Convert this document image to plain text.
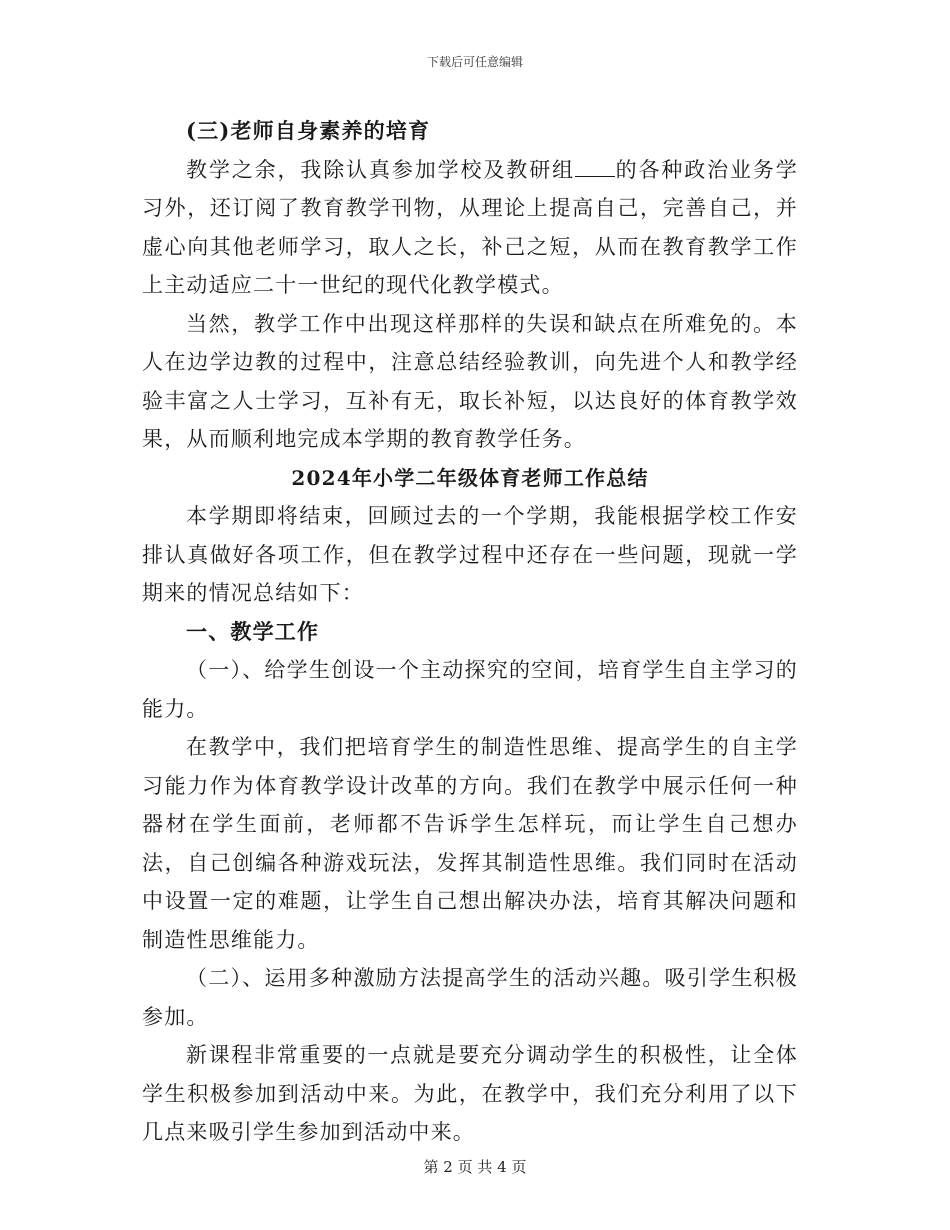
下载后可任意编辑
(三)老师自身素养的培育

教学之余，我除认真参加学校及教研组 的各种政治业务学习外，还订阅了教育教学刊物，从理论上提高自己，完善自己，并虚心向其他老师学习，取人之长，补己之短，从而在教育教学工作上主动适应二十一世纪的现代化教学模式。

当然，教学工作中出现这样那样的失误和缺点在所难免的。本人在边学边教的过程中，注意总结经验教训，向先进个人和教学经验丰富之人士学习，互补有无，取长补短，以达良好的体育教学效果，从而顺利地完成本学期的教育教学任务。

2024年小学二年级体育老师工作总结

本学期即将结束，回顾过去的一个学期，我能根据学校工作安排认真做好各项工作，但在教学过程中还存在一些问题，现就一学期来的情况总结如下：

一、教学工作

（一）、给学生创设一个主动探究的空间，培育学生自主学习的能力。

在教学中，我们把培育学生的制造性思维、提高学生的自主学习能力作为体育教学设计改革的方向。我们在教学中展示任何一种器材在学生面前，老师都不告诉学生怎样玩，而让学生自己想办法，自己创编各种游戏玩法，发挥其制造性思维。我们同时在活动中设置一定的难题，让学生自己想出解决办法，培育其解决问题和制造性思维能力。

（二）、运用多种激励方法提高学生的活动兴趣。吸引学生积极参加。

新课程非常重要的一点就是要充分调动学生的积极性，让全体学生积极参加到活动中来。为此，在教学中，我们充分利用了以下几点来吸引学生参加到活动中来。

第 2 页 共 4 页
